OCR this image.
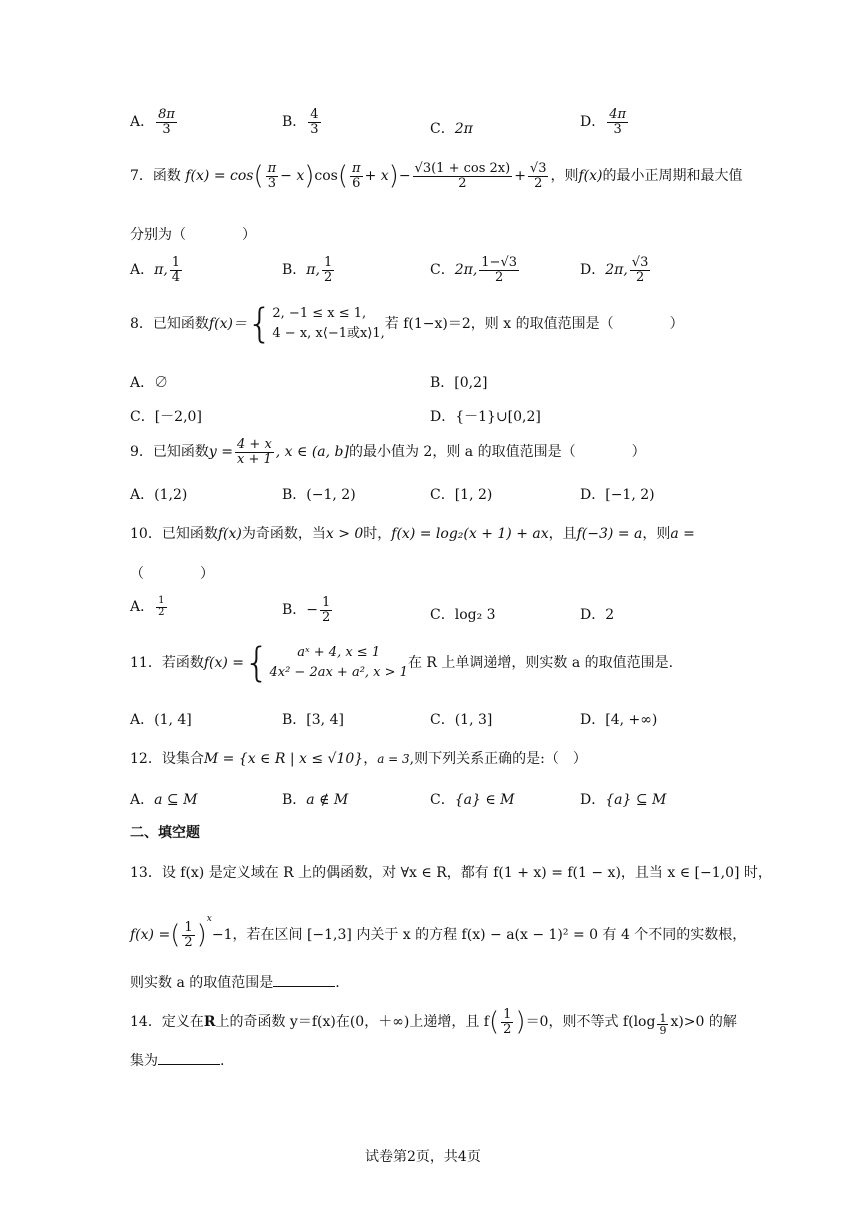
A． $\frac{8\pi}{3}$	B． $\frac{4}{3}$	C．2π	D． $\frac{4\pi}{3}$
7．函数 $f(x) = \cos( \frac{\pi}{3} - x)\cos( \frac{\pi}{6} + x)- \frac{√3(1 + \cos 2x)}{2} + \frac{√3}{2}$ ，则f(x)的最小正周期和最大值
分别为（　　　　）
A．π, $\frac{1}{4}$	B．π, $\frac{1}{2}$	C．2π, $\frac{1-√3}{2}$	D．2π, $\frac{√3}{2}$
8．已知函数f(x)＝{ 2, −1 ≤ x ≤ 1,
4 − x, x⟨−1或x⟩1,
若 f(1−x)＝2，则 x 的取值范围是（　　　　）
A．∅	B．[0,2]
C．[－2,0]	D．{－1}∪[0,2]
9．已知函数$y = \frac{4 + x}{x + 1}$ , x ∈ (a, b]的最小值为 2，则 a 的取值范围是（　　　　）
A．(1,2)	B．(−1, 2)	C．[1, 2)	D．[−1, 2)
10．已知函数f(x)为奇函数，当x > 0时，f(x) = log₂(x + 1) + ax，且f(−3) = a，则a =
（　　　　）
A． $\frac{1}{2}$	B．− $\frac{1}{2}$	C．log₂ 3	D．2
11．若函数f(x) ={	aˣ + 4, x ≤ 1
4x² − 2ax + a², x > 1
在 R 上单调递增，则实数 a 的取值范围是.
A．(1, 4]	B．[3, 4]	C．(1, 3]	D．[4, +∞)
12．设集合M = {x ∈ R | x ≤ √10}，a = 3,则下列关系正确的是:（　）
A．a ⊆ M	B．a ∉ M	C．{a} ∈ M	D．{a} ⊆ M
二、填空题
13．设 f(x) 是定义域在 R 上的偶函数，对 ∀x ∈ R，都有 f(1 + x) = f(1 − x)，且当 x ∈ [−1,0] 时，
f(x) =( $\frac{1}{2} )^x-1$，若在区间 [−1,3] 内关于 x 的方程 f(x) − a(x − 1)² = 0 有 4 个不同的实数根，
则实数 a 的取值范围是	.
14．定义在R上的奇函数 y＝f(x)在(0，＋∞)上递增，且 $f( \frac{1}{2} )=0$，则不等式 $f(\log \frac{1}{9} x)>0$ 的解
集为	.
试卷第2页，共4页
